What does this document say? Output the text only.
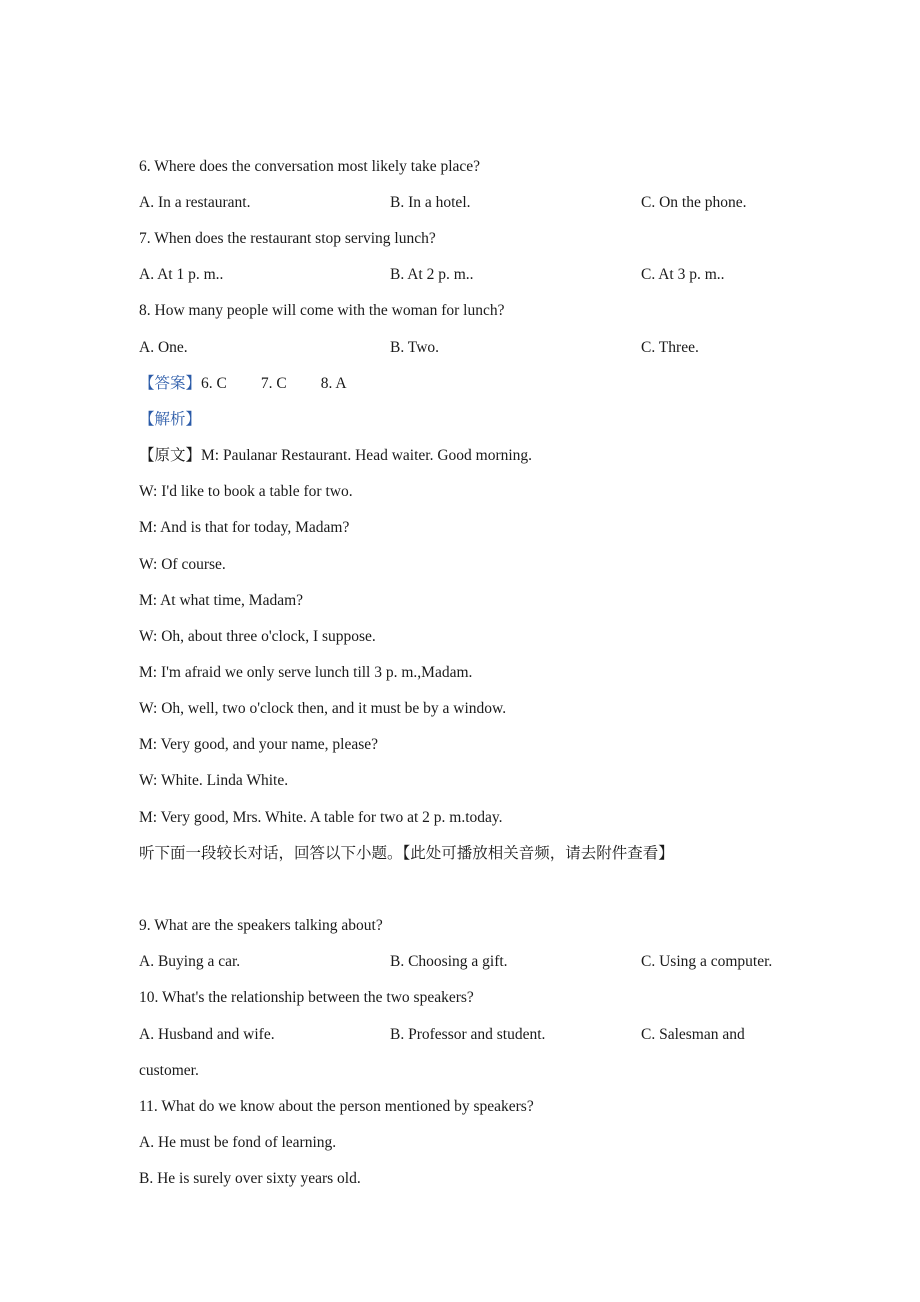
6. Where does the conversation most likely take place?
A. In a restaurant.	B. In a hotel.	C. On the phone.
7. When does the restaurant stop serving lunch?
A. At 1 p. m..	B. At 2 p. m..	C. At 3 p. m..
8. How many people will come with the woman for lunch?
A. One.	B. Two.	C. Three.
【答案】6. C 7. C 8. A
【解析】
【原文】M: Paulanar Restaurant. Head waiter. Good morning.
W: I'd like to book a table for two.
M: And is that for today, Madam?
W: Of course.
M: At what time, Madam?
W: Oh, about three o'clock, I suppose.
M: I'm afraid we only serve lunch till 3 p. m.,Madam.
W: Oh, well, two o'clock then, and it must be by a window.
M: Very good, and your name, please?
W: White. Linda White.
M: Very good, Mrs. White. A table for two at 2 p. m.today.
听下面一段较长对话，回答以下小题。【此处可播放相关音频，请去附件查看】
9. What are the speakers talking about?
A. Buying a car.	B. Choosing a gift.	C. Using a computer.
10. What's the relationship between the two speakers?
A. Husband and wife.	B. Professor and student.	C. Salesman and
customer.
11. What do we know about the person mentioned by speakers?
A. He must be fond of learning.
B. He is surely over sixty years old.
